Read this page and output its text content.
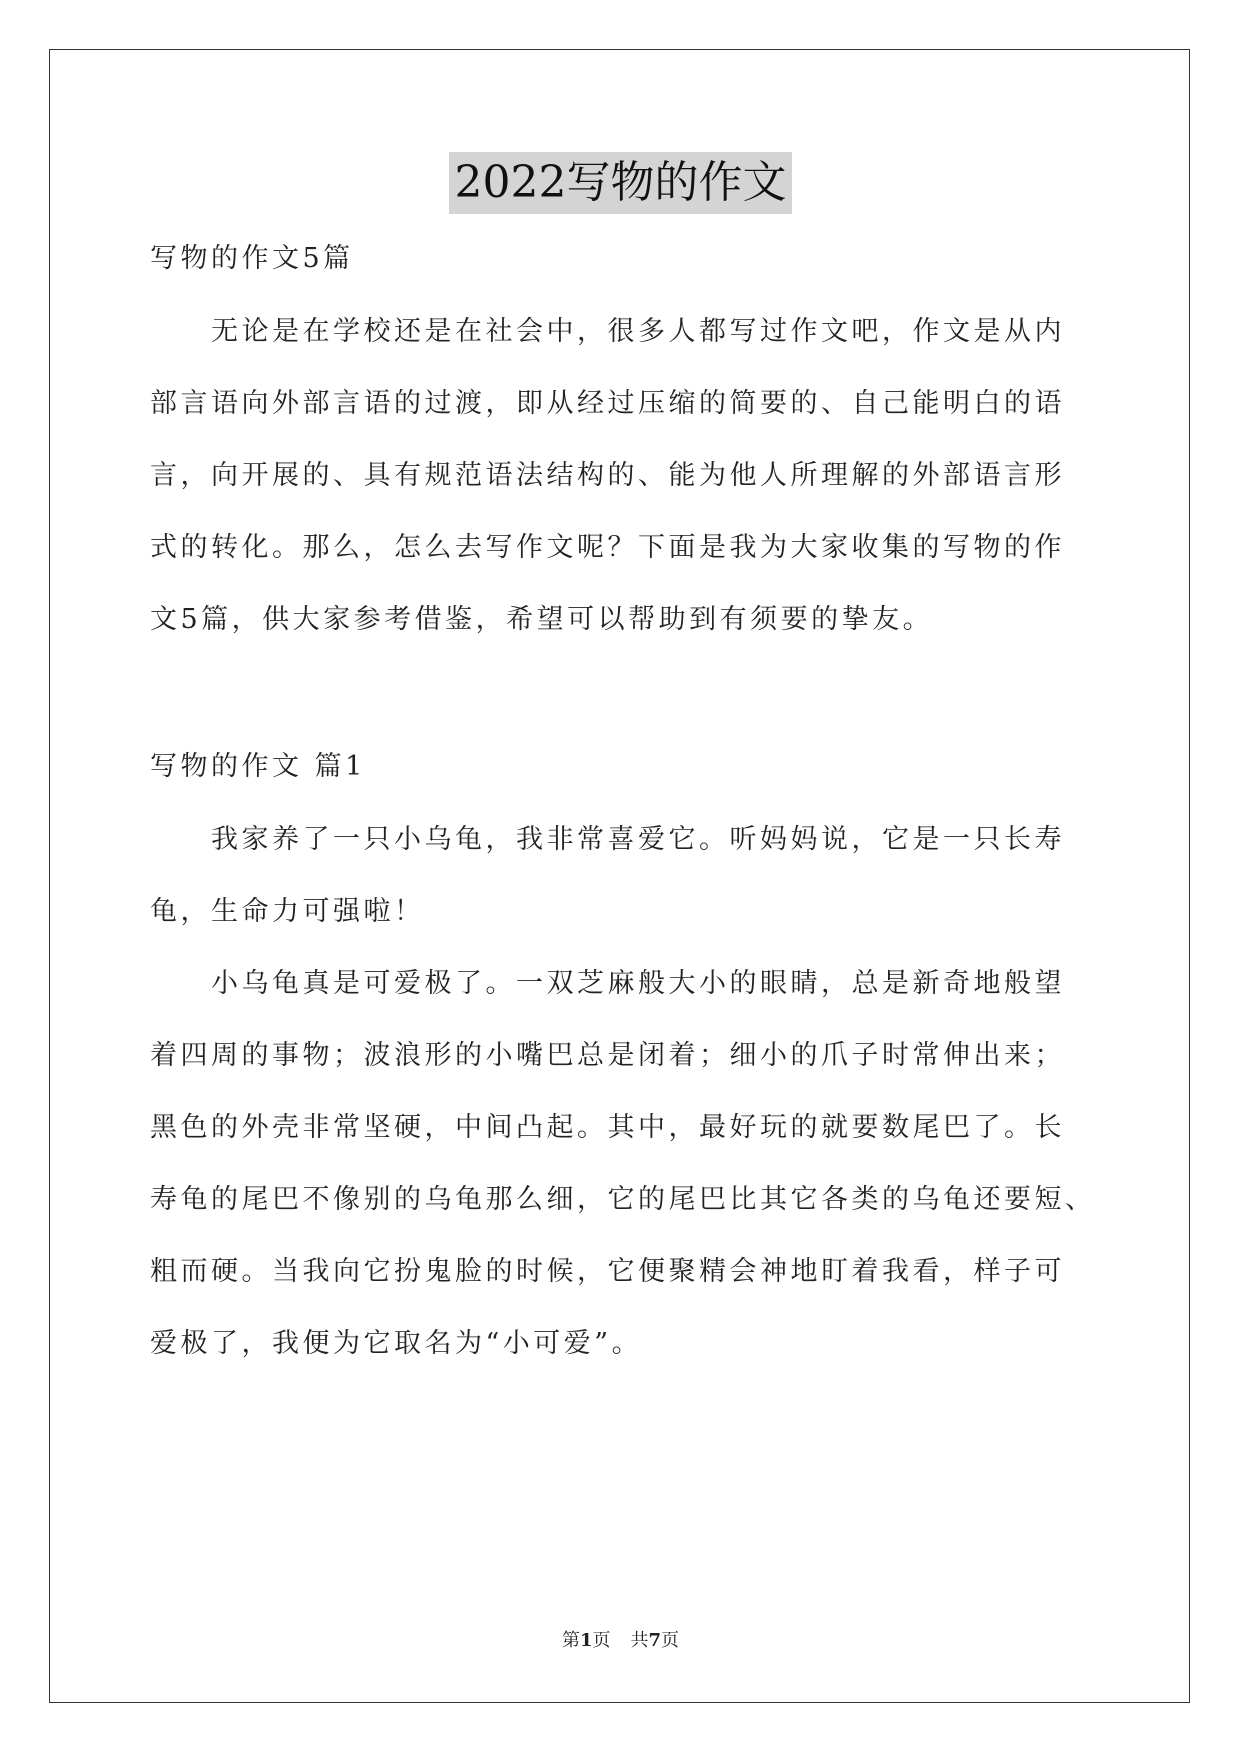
2022写物的作文
写物的作文5篇
无论是在学校还是在社会中，很多人都写过作文吧，作文是从内
部言语向外部言语的过渡，即从经过压缩的简要的、自己能明白的语
言，向开展的、具有规范语法结构的、能为他人所理解的外部语言形
式的转化。那么，怎么去写作文呢？下面是我为大家收集的写物的作
文5篇，供大家参考借鉴，希望可以帮助到有须要的挚友。
写物的作文 篇1
我家养了一只小乌龟，我非常喜爱它。听妈妈说，它是一只长寿
龟，生命力可强啦！
小乌龟真是可爱极了。一双芝麻般大小的眼睛，总是新奇地般望
着四周的事物；波浪形的小嘴巴总是闭着；细小的爪子时常伸出来；
黑色的外壳非常坚硬，中间凸起。其中，最好玩的就要数尾巴了。长
寿龟的尾巴不像别的乌龟那么细，它的尾巴比其它各类的乌龟还要短、
粗而硬。当我向它扮鬼脸的时候，它便聚精会神地盯着我看，样子可
爱极了，我便为它取名为“小可爱”。
第1页 共7页
